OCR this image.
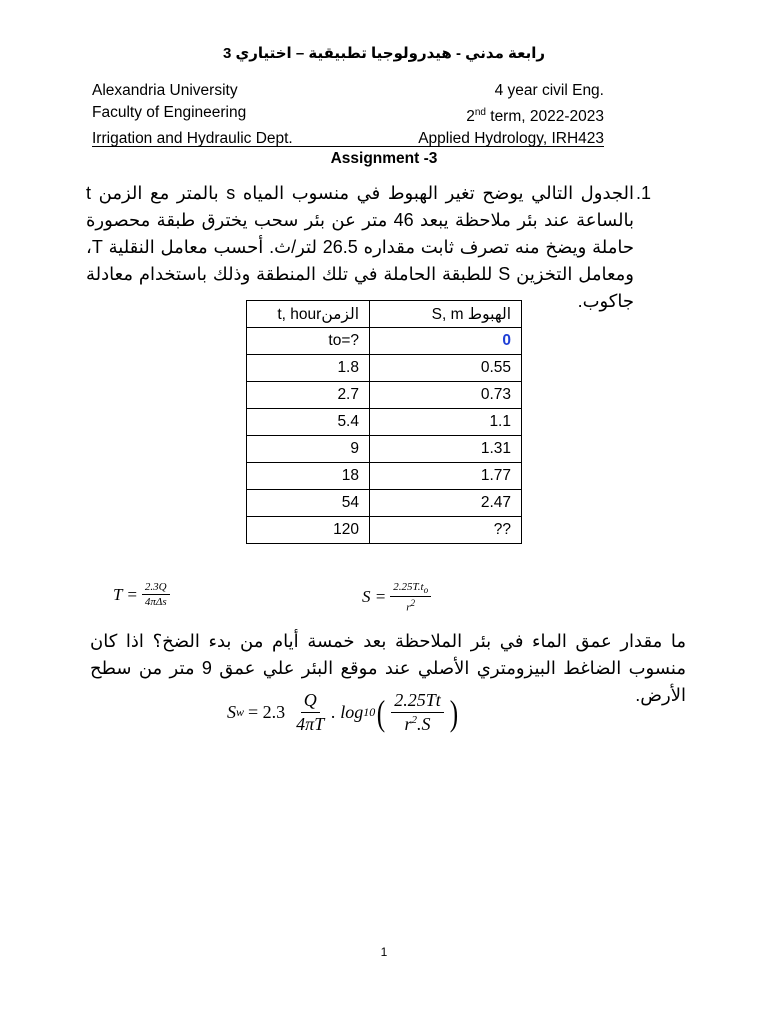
رابعة مدني - هيدرولوجيا تطبيقية – اختياري 3
Alexandria University	4 year civil Eng.
Faculty of Engineering	2nd term, 2022-2023
Irrigation and Hydraulic Dept.	Applied Hydrology, IRH423
Assignment -3
.1
الجدول التالي يوضح تغير الهبوط في منسوب المياه s بالمتر مع الزمن t بالساعة عند بئر ملاحظة يبعد 46 متر عن بئر سحب يخترق طبقة محصورة حاملة ويضخ منه تصرف ثابت مقداره 26.5 لتر/ث. أحسب معامل النقلية T، ومعامل التخزين S للطبقة الحاملة في تلك المنطقة وذلك باستخدام معادلة جاكوب.
الزمنt, hour	الهبوط S, m
to=?	0
1.8	0.55
2.7	0.73
5.4	1.1
9	1.31
18	1.77
54	2.47
120	??
$T = \frac{2.3Q}{\text{4πΔs}}$	$S = \frac{2.25T.t_o}{r^2}$
ما مقدار عمق الماء في بئر الملاحظة بعد خمسة أيام من بدء الضخ؟ اذا كان منسوب الضاغط البيزومتري الأصلي عند موقع البئر علي عمق 9 متر من سطح الأرض.
S $w = 2.3 \frac{Q}{4\pi T}$ . log 10 ( $\frac{2.25Tt}{r^2.S}$ )
1
